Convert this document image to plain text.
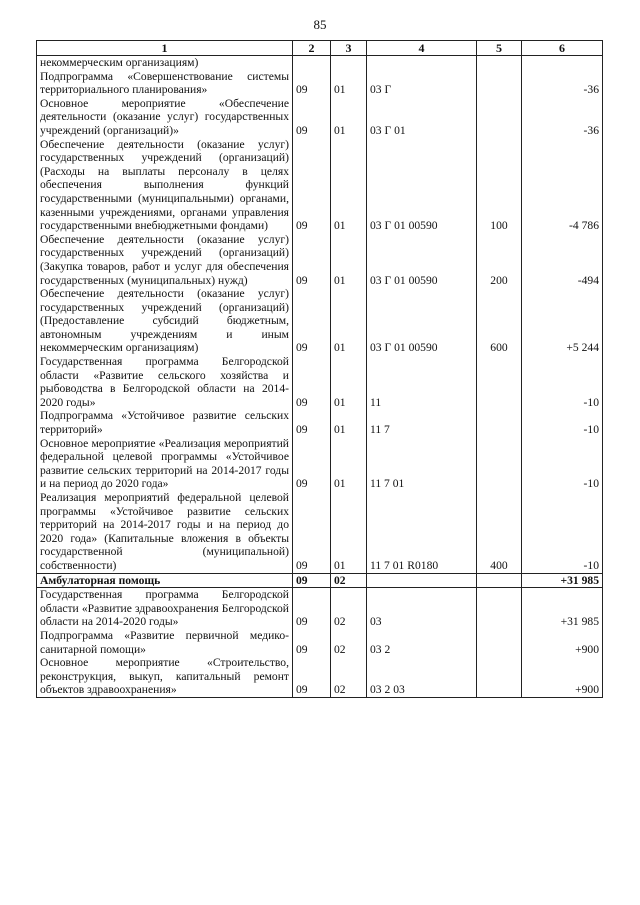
85
1	2	3	4	5	6
некоммерческим организациям)					
Подпрограмма «Совершенствование системы территориального планирования»	09	01	03 Г		-36
Основное мероприятие «Обеспечение деятельности (оказание услуг) государственных учреждений (организаций)»	09	01	03 Г 01		-36
Обеспечение деятельности (оказание услуг) государственных учреждений (организаций) (Расходы на выплаты персоналу в целях обеспечения выполнения функций государственными (муниципальными) органами, казенными учреждениями, органами управления государственными внебюджетными фондами)	09	01	03 Г 01 00590	100	-4 786
Обеспечение деятельности (оказание услуг) государственных учреждений (организаций) (Закупка товаров, работ и услуг для обеспечения государственных (муниципальных) нужд)	09	01	03 Г 01 00590	200	-494
Обеспечение деятельности (оказание услуг) государственных учреждений (организаций) (Предоставление субсидий бюджетным, автономным учреждениям и иным некоммерческим организациям)	09	01	03 Г 01 00590	600	+5 244
Государственная программа Белгородской области «Развитие сельского хозяйства и рыбоводства в Белгородской области на 2014-2020 годы»	09	01	11		-10
Подпрограмма «Устойчивое развитие сельских территорий»	09	01	11 7		-10
Основное мероприятие «Реализация мероприятий федеральной целевой программы «Устойчивое развитие сельских территорий на 2014-2017 годы и на период до 2020 года»	09	01	11 7 01		-10
Реализация мероприятий федеральной целевой программы «Устойчивое развитие сельских территорий на 2014-2017 годы и на период до 2020 года» (Капитальные вложения в объекты государственной (муниципальной) собственности)	09	01	11 7 01 R0180	400	-10
Амбулаторная помощь	09	02			+31 985
Государственная программа Белгородской области «Развитие здравоохранения Белгородской области на 2014-2020 годы»	09	02	03		+31 985
Подпрограмма «Развитие первичной медико-санитарной помощи»	09	02	03 2		+900
Основное мероприятие «Строительство, реконструкция, выкуп, капитальный ремонт объектов здравоохранения»	09	02	03 2 03		+900
